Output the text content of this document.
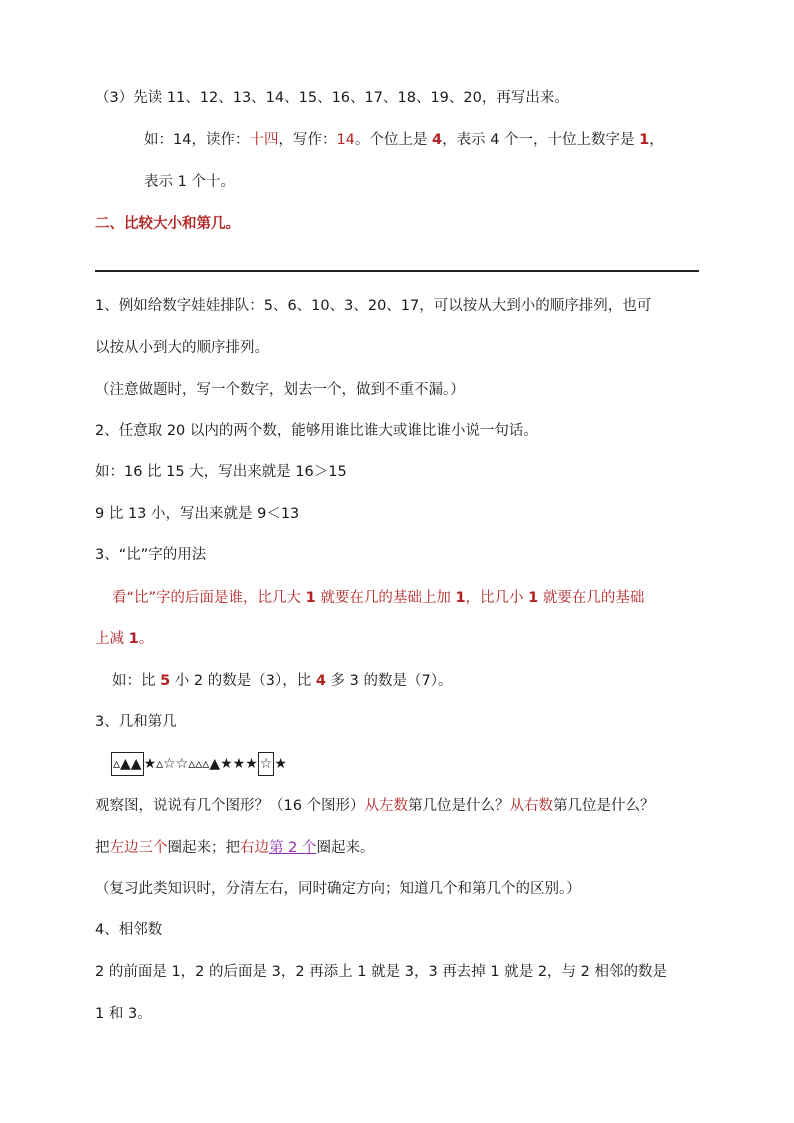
（3）先读 11、12、13、14、15、16、17、18、19、20，再写出来。
如：14，读作：十四，写作：14。个位上是 4，表示 4 个一，十位上数字是 1，
表示 1 个十。
二、比较大小和第几。
1、例如给数字娃娃排队：5、6、10、3、20、17，可以按从大到小的顺序排列，也可
以按从小到大的顺序排列。
（注意做题时，写一个数字，划去一个，做到不重不漏。）
2、任意取 20 以内的两个数，能够用谁比谁大或谁比谁小说一句话。
如：16 比 15 大，写出来就是 16＞15
9 比 13 小，写出来就是 9＜13
3、“比”字的用法
看“比”字的后面是谁，比几大 1 就要在几的基础上加 1，比几小 1 就要在几的基础
上减 1。
如：比 5 小 2 的数是（3），比 4 多 3 的数是（7）。
3、几和第几
▵▲▲ ★▵☆☆▵▵▵▲★★★ ☆ ★
观察图，说说有几个图形？（16 个图形）从左数第几位是什么？从右数第几位是什么？
把左边三个圈起来；把右边第 2 个圈起来。
（复习此类知识时，分清左右，同时确定方向；知道几个和第几个的区别。）
4、相邻数
2 的前面是 1，2 的后面是 3，2 再添上 1 就是 3，3 再去掉 1 就是 2，与 2 相邻的数是
1 和 3。
